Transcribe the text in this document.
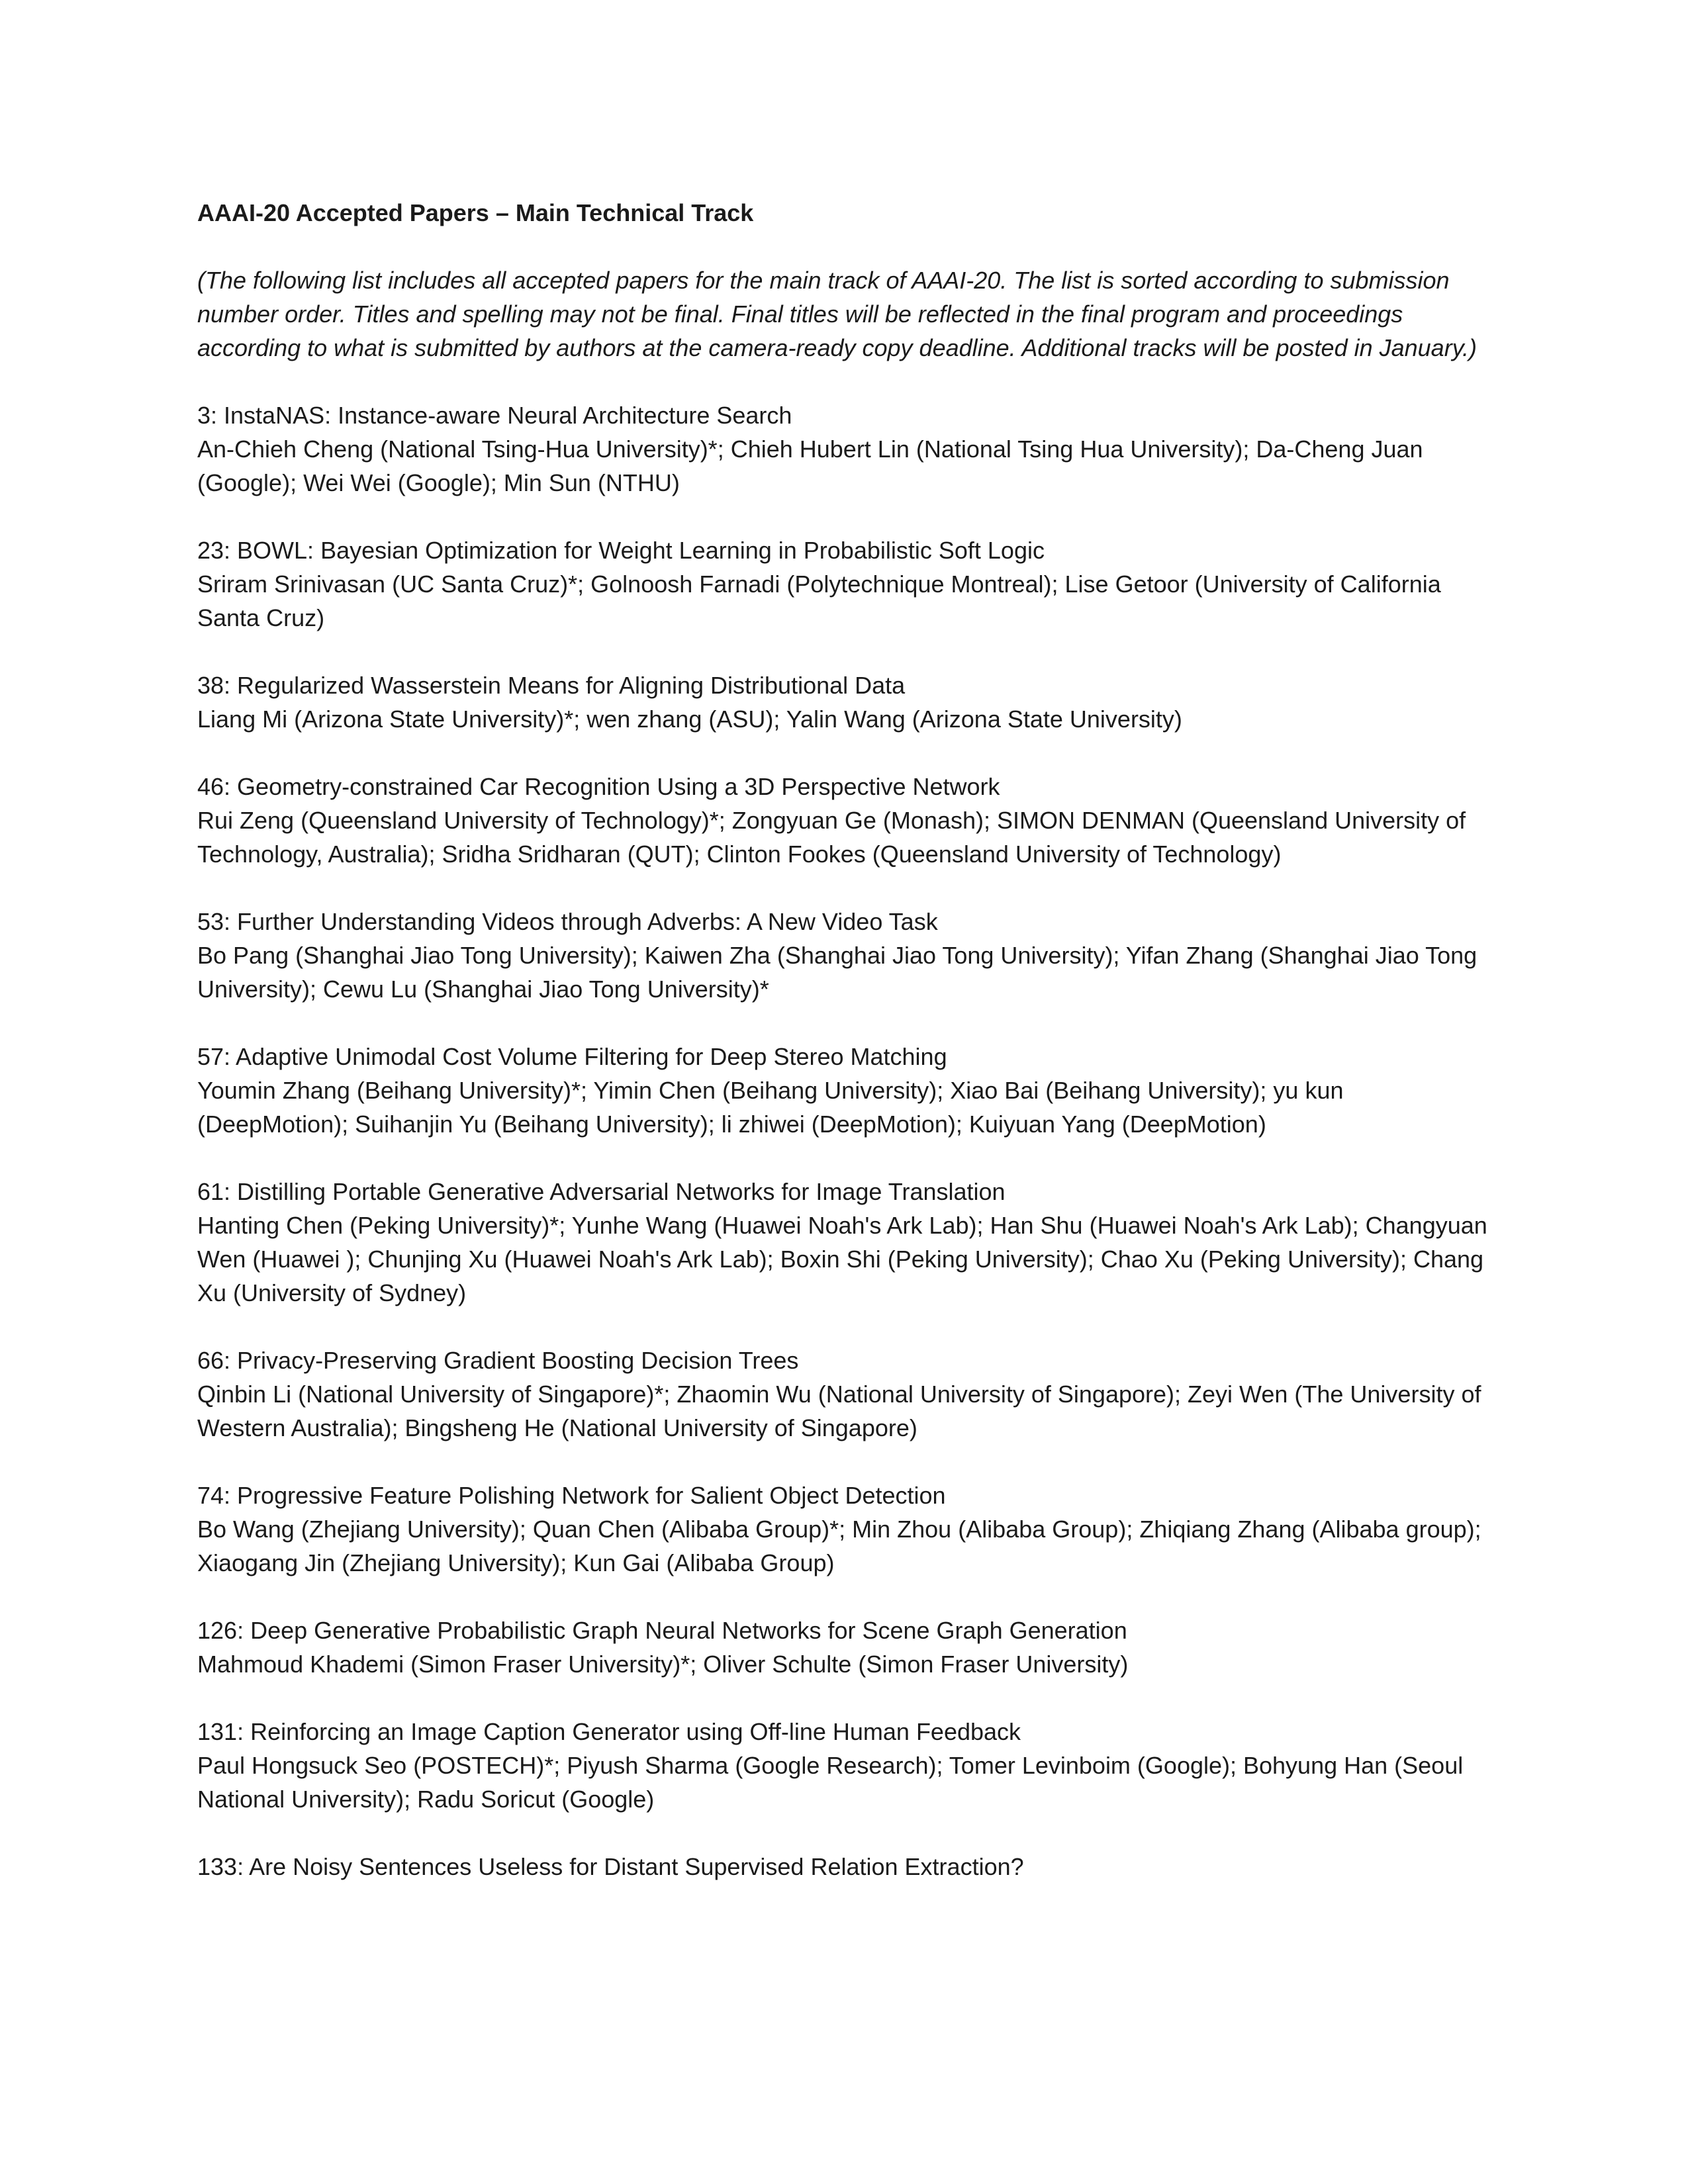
AAAI-20 Accepted Papers – Main Technical Track

(The following list includes all accepted papers for the main track of AAAI-20. The list is sorted according to submission number order. Titles and spelling may not be final. Final titles will be reflected in the final program and proceedings according to what is submitted by authors at the camera-ready copy deadline. Additional tracks will be posted in January.)

3: InstaNAS: Instance-aware Neural Architecture Search

An-Chieh Cheng (National Tsing-Hua University)*; Chieh Hubert Lin (National Tsing Hua University); Da-Cheng Juan (Google); Wei Wei (Google); Min Sun (NTHU)

23: BOWL: Bayesian Optimization for Weight Learning in Probabilistic Soft Logic

Sriram Srinivasan (UC Santa Cruz)*; Golnoosh Farnadi (Polytechnique Montreal); Lise Getoor (University of California Santa Cruz)

38: Regularized Wasserstein Means for Aligning Distributional Data

Liang Mi (Arizona State University)*; wen zhang (ASU); Yalin Wang (Arizona State University)

46: Geometry-constrained Car Recognition Using a 3D Perspective Network

Rui Zeng (Queensland University of Technology)*; Zongyuan Ge (Monash); SIMON DENMAN (Queensland University of Technology, Australia); Sridha Sridharan (QUT); Clinton Fookes (Queensland University of Technology)

53: Further Understanding Videos through Adverbs: A New Video Task

Bo Pang (Shanghai Jiao Tong University); Kaiwen Zha (Shanghai Jiao Tong University); Yifan Zhang (Shanghai Jiao Tong University); Cewu Lu (Shanghai Jiao Tong University)*

57: Adaptive Unimodal Cost Volume Filtering for Deep Stereo Matching

Youmin Zhang (Beihang University)*; Yimin Chen (Beihang University); Xiao Bai (Beihang University); yu kun (DeepMotion); Suihanjin Yu (Beihang University); li zhiwei (DeepMotion); Kuiyuan Yang (DeepMotion)

61: Distilling Portable Generative Adversarial Networks for Image Translation

Hanting Chen (Peking University)*; Yunhe Wang (Huawei Noah's Ark Lab); Han Shu (Huawei Noah's Ark Lab); Changyuan Wen (Huawei ); Chunjing Xu (Huawei Noah's Ark Lab); Boxin Shi (Peking University); Chao Xu (Peking University); Chang Xu (University of Sydney)

66: Privacy-Preserving Gradient Boosting Decision Trees

Qinbin Li (National University of Singapore)*; Zhaomin Wu (National University of Singapore); Zeyi Wen (The University of Western Australia); Bingsheng He (National University of Singapore)

74: Progressive Feature Polishing Network for Salient Object Detection

Bo Wang (Zhejiang University); Quan Chen (Alibaba Group)*; Min Zhou (Alibaba Group); Zhiqiang Zhang (Alibaba group); Xiaogang Jin (Zhejiang University); Kun Gai (Alibaba Group)

126: Deep Generative Probabilistic Graph Neural Networks for Scene Graph Generation

Mahmoud Khademi (Simon Fraser University)*; Oliver Schulte (Simon Fraser University)

131: Reinforcing an Image Caption Generator using Off-line Human Feedback

Paul Hongsuck Seo (POSTECH)*; Piyush Sharma (Google Research); Tomer Levinboim (Google); Bohyung Han (Seoul National University); Radu Soricut (Google)

133: Are Noisy Sentences Useless for Distant Supervised Relation Extraction?
